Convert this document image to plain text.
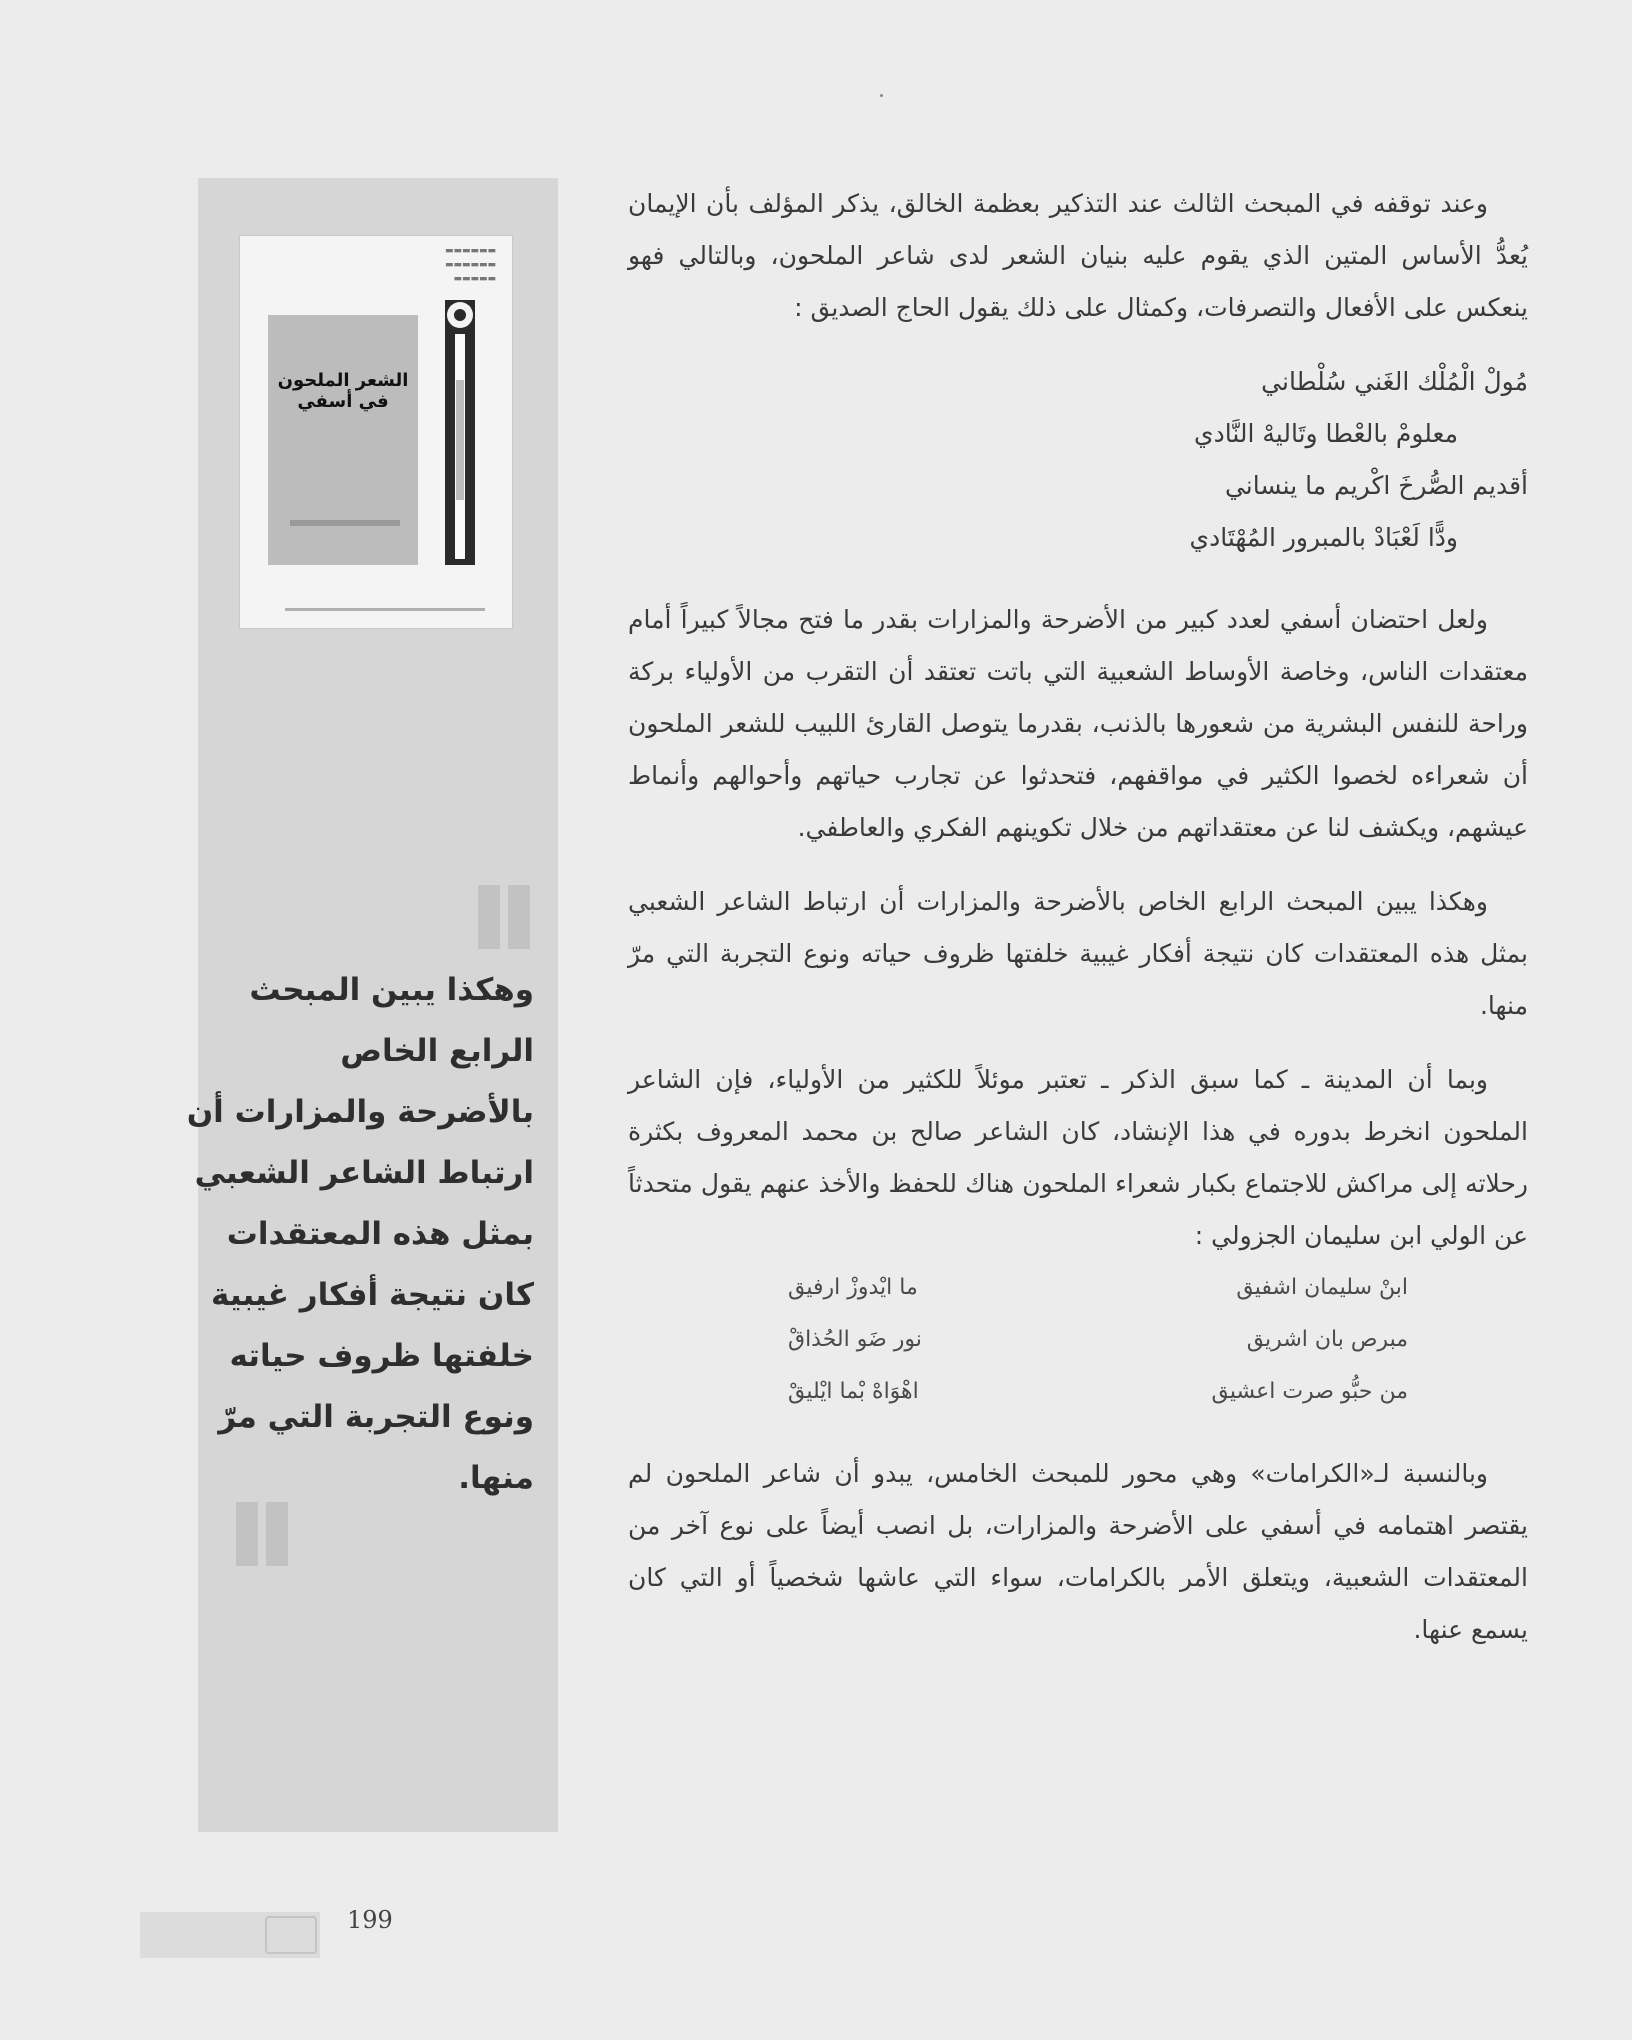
▬▬▬▬▬▬
▬▬▬▬▬▬
▬▬▬▬▬
الشعر الملحون في أسفي
وهكذا يبين المبحث
الرابع الخاص
بالأضرحة والمزارات أن
ارتباط الشاعر الشعبي
بمثل هذه المعتقدات
كان نتيجة أفكار غيبية
خلفتها ظروف حياته
ونوع التجربة التي مرّ
منها.

وعند توقفه في المبحث الثالث عند التذكير بعظمة الخالق، يذكر المؤلف بأن الإيمان يُعدُّ الأساس المتين الذي يقوم عليه بنيان الشعر لدى شاعر الملحون، وبالتالي فهو ينعكس على الأفعال والتصرفات، وكمثال على ذلك يقول الحاج الصديق :

مُولْ الْمُلْك الغَني سُلْطاني
معلومْ بالعْطا وتَاليهْ النَّادي
أقديم الصُّرخَ اكْريم ما ينساني
ودًّا لَعْبَادْ بالمبرور المُهْتَادي

ولعل احتضان أسفي لعدد كبير من الأضرحة والمزارات بقدر ما فتح مجالاً كبيراً أمام معتقدات الناس، وخاصة الأوساط الشعبية التي باتت تعتقد أن التقرب من الأولياء بركة وراحة للنفس البشرية من شعورها بالذنب، بقدرما يتوصل القارئ اللبيب للشعر الملحون أن شعراءه لخصوا الكثير في مواقفهم، فتحدثوا عن تجارب حياتهم وأحوالهم وأنماط عيشهم، ويكشف لنا عن معتقداتهم من خلال تكوينهم الفكري والعاطفي.

وهكذا يبين المبحث الرابع الخاص بالأضرحة والمزارات أن ارتباط الشاعر الشعبي بمثل هذه المعتقدات كان نتيجة أفكار غيبية خلفتها ظروف حياته ونوع التجربة التي مرّ منها.

وبما أن المدينة ـ كما سبق الذكر ـ تعتبر موئلاً للكثير من الأولياء، فإن الشاعر الملحون انخرط بدوره في هذا الإنشاد، كان الشاعر صالح بن محمد المعروف بكثرة رحلاته إلى مراكش للاجتماع بكبار شعراء الملحون هناك للحفظ والأخذ عنهم يقول متحدثاً عن الولي ابن سليمان الجزولي :

ابنْ سليمان اشفيق
ما ايْدوزْ ارفيق
مبرص بان اشريق
نور ضَو الحُذاقْ
من حبُّو صرت اعشيق
اهْوَاهْ بْما ايْليقْ

وبالنسبة لـ«الكرامات» وهي محور للمبحث الخامس، يبدو أن شاعر الملحون لم يقتصر اهتمامه في أسفي على الأضرحة والمزارات، بل انصب أيضاً على نوع آخر من المعتقدات الشعبية، ويتعلق الأمر بالكرامات، سواء التي عاشها شخصياً أو التي كان يسمع عنها.

199
